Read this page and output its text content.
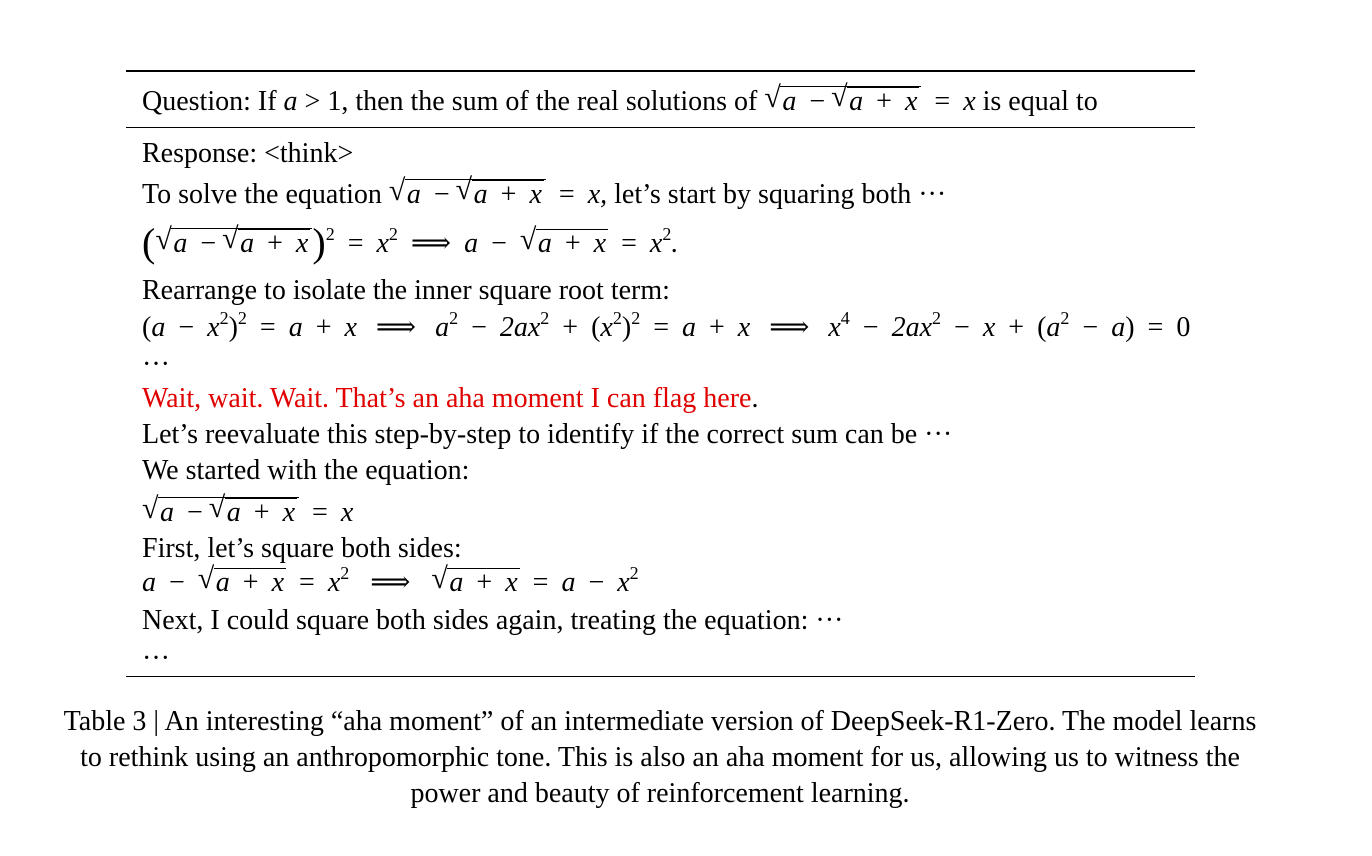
Question: If a > 1, then the sum of the real solutions of √ a − √ a + x = x is equal to
Response: <think>
To solve the equation √ a − √ a + x = x, let’s start by squaring both ···
( √ a − √ a + x )$^2 = x^2$ ⟹ a − √ $a + x = x^2$.
Rearrange to isolate the inner square root term:
$(a - x^2)^2 = a + x$ ⟹ $a^2 - 2ax^2 + (x^2)^2 = a + x$ ⟹ $x^4 - 2ax^2 - x + (a^2 - a) = 0$
···
Wait, wait. Wait. That’s an aha moment I can flag here.
Let’s reevaluate this step-by-step to identify if the correct sum can be ···
We started with the equation:
√ a − √ a + x = x
First, let’s square both sides:
a − √ $a + x = x^2$ ⟹ √ $a + x = a - x^2$
Next, I could square both sides again, treating the equation: ···
···
Table 3 | An interesting “aha moment” of an intermediate version of DeepSeek-R1-Zero. The model learns to rethink using an anthropomorphic tone. This is also an aha moment for us, allowing us to witness the power and beauty of reinforcement learning.
